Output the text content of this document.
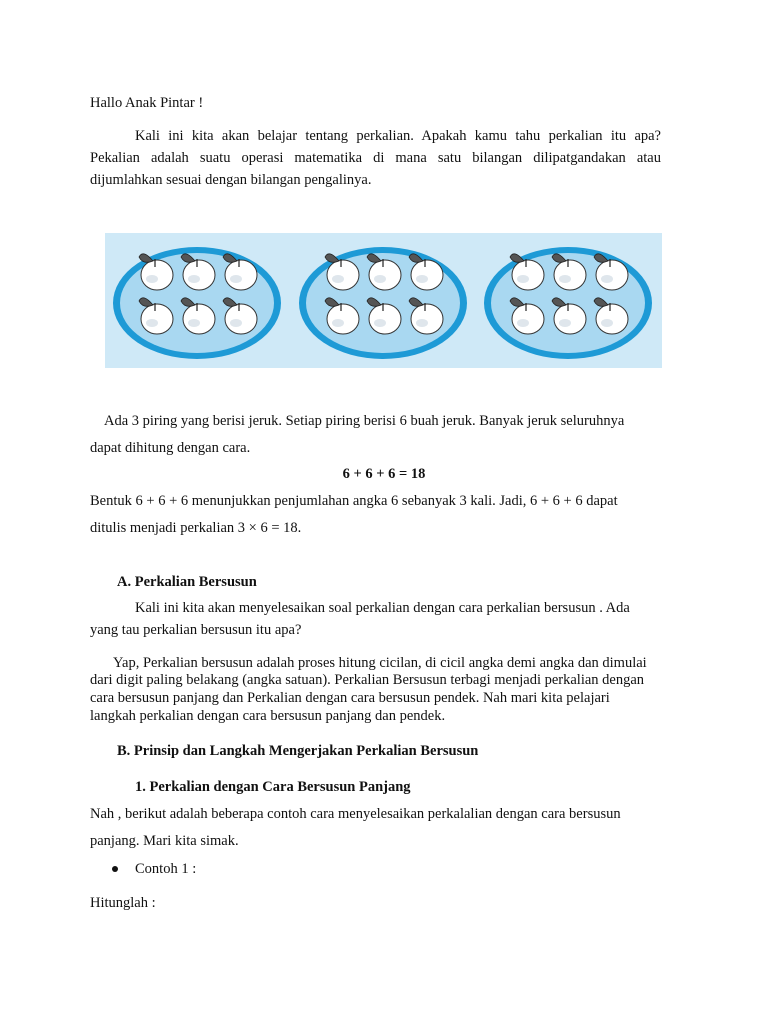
Hallo Anak Pintar !
Kali ini kita akan belajar tentang perkalian. Apakah kamu tahu perkalian itu apa?
Pekalian adalah suatu operasi matematika di mana satu bilangan dilipatgandakan atau
dijumlahkan sesuai dengan bilangan pengalinya.
Ada 3 piring yang berisi jeruk. Setiap piring berisi 6 buah jeruk. Banyak jeruk seluruhnya
dapat dihitung dengan cara.
6 + 6 + 6 = 18
Bentuk 6 + 6 + 6 menunjukkan penjumlahan angka 6 sebanyak 3 kali. Jadi, 6 + 6 + 6 dapat
ditulis menjadi perkalian 3 × 6 = 18.
A. Perkalian Bersusun
Kali ini kita akan menyelesaikan soal perkalian dengan cara perkalian bersusun . Ada
yang tau perkalian bersusun itu apa?
Yap, Perkalian bersusun adalah proses hitung cicilan, di cicil angka demi angka dan dimulai
dari digit paling belakang (angka satuan). Perkalian Bersusun terbagi menjadi perkalian dengan
cara bersusun panjang dan Perkalian dengan cara bersusun pendek. Nah mari kita pelajari
langkah perkalian dengan cara bersusun panjang dan pendek.
B. Prinsip dan Langkah Mengerjakan Perkalian Bersusun
1. Perkalian dengan Cara Bersusun Panjang
Nah , berikut adalah beberapa contoh cara menyelesaikan perkalalian dengan cara bersusun
panjang. Mari kita simak.
Contoh 1 :
Hitunglah :
